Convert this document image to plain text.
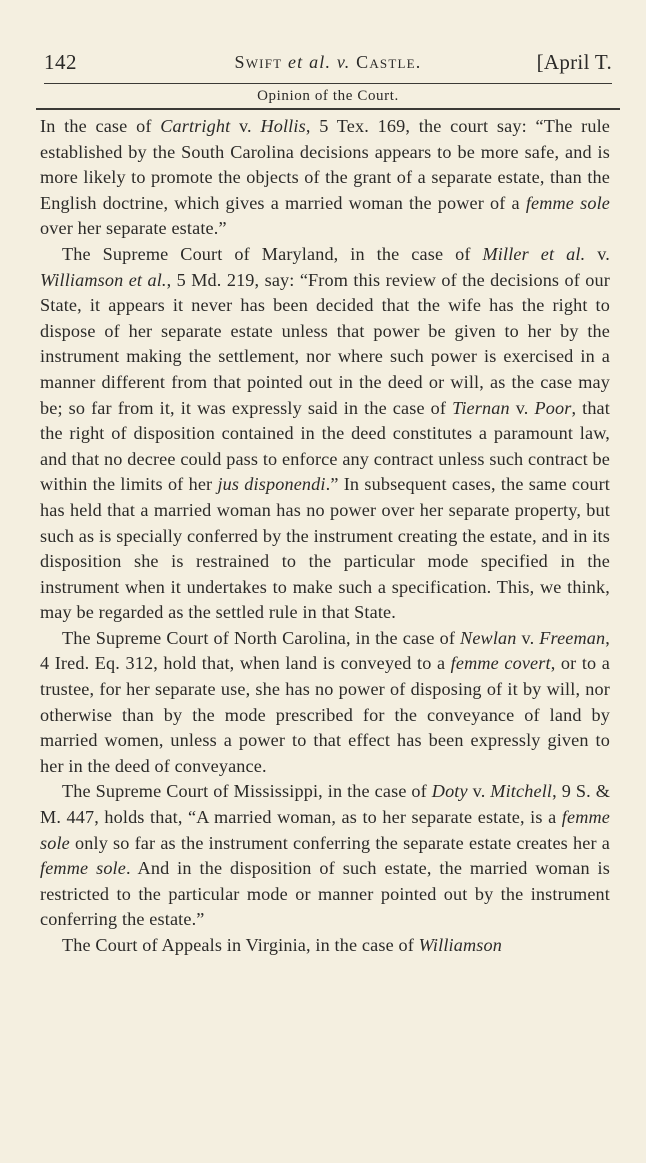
142	Swift et al. v. Castle.	[April T.
Opinion of the Court.

In the case of Cartright v. Hollis, 5 Tex. 169, the court say: “The rule established by the South Carolina decisions appears to be more safe, and is more likely to promote the objects of the grant of a separate estate, than the English doctrine, which gives a married woman the power of a femme sole over her separate estate.”

The Supreme Court of Maryland, in the case of Miller et al. v. Williamson et al., 5 Md. 219, say: “From this review of the decisions of our State, it appears it never has been decided that the wife has the right to dispose of her separate estate unless that power be given to her by the instrument making the settlement, nor where such power is exercised in a manner different from that pointed out in the deed or will, as the case may be; so far from it, it was expressly said in the case of Tiernan v. Poor, that the right of disposition contained in the deed constitutes a paramount law, and that no decree could pass to enforce any contract unless such contract be within the limits of her jus disponendi.” In subsequent cases, the same court has held that a married woman has no power over her separate property, but such as is specially conferred by the instrument creating the estate, and in its disposition she is restrained to the particular mode specified in the instrument when it undertakes to make such a specification. This, we think, may be regarded as the settled rule in that State.

The Supreme Court of North Carolina, in the case of Newlan v. Freeman, 4 Ired. Eq. 312, hold that, when land is conveyed to a femme covert, or to a trustee, for her separate use, she has no power of disposing of it by will, nor otherwise than by the mode prescribed for the conveyance of land by married women, unless a power to that effect has been expressly given to her in the deed of conveyance.

The Supreme Court of Mississippi, in the case of Doty v. Mitchell, 9 S. & M. 447, holds that, “A married woman, as to her separate estate, is a femme sole only so far as the instrument conferring the separate estate creates her a femme sole. And in the disposition of such estate, the married woman is restricted to the particular mode or manner pointed out by the instrument conferring the estate.”

The Court of Appeals in Virginia, in the case of Williamson
